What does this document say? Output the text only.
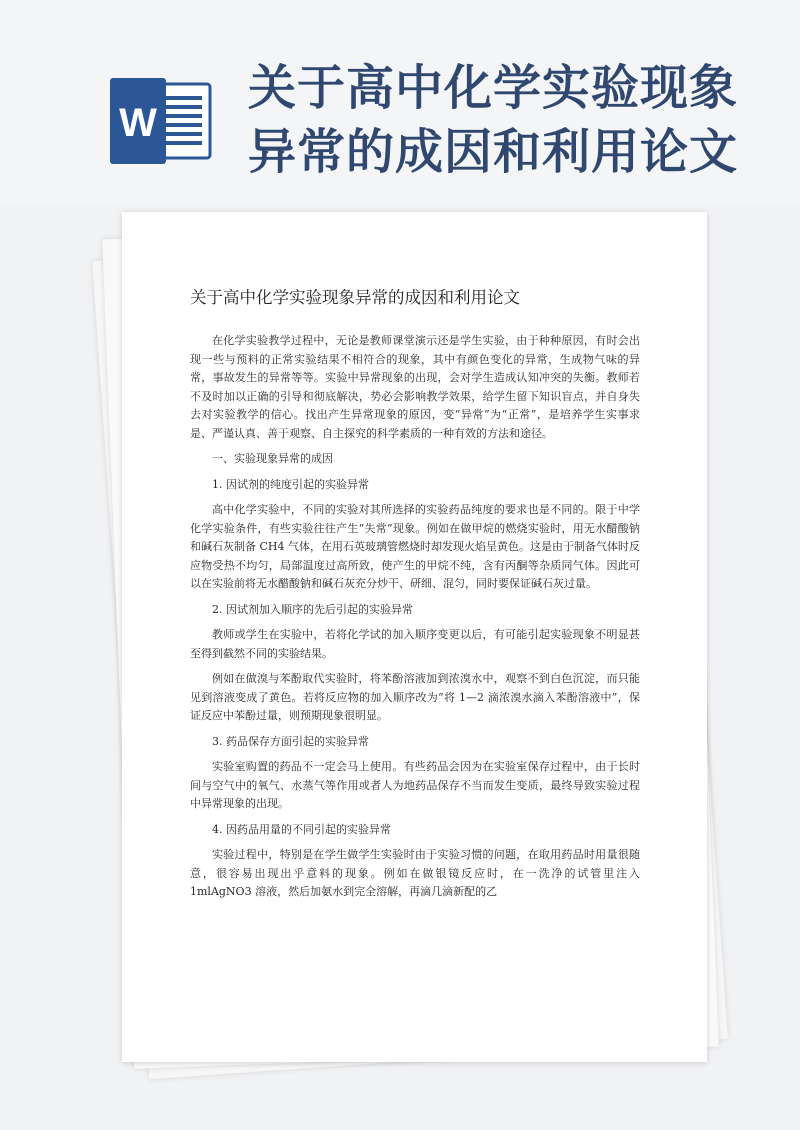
W
关于高中化学实验现象
异常的成因和利用论文
关于高中化学实验现象异常的成因和利用论文

在化学实验教学过程中，无论是教师课堂演示还是学生实验，由于种种原因，有时会出现一些与预料的正常实验结果不相符合的现象，其中有颜色变化的异常，生成物气味的异常，事故发生的异常等等。实验中异常现象的出现，会对学生造成认知冲突的失衡。教师若不及时加以正确的引导和彻底解决，势必会影响教学效果，给学生留下知识盲点，并自身失去对实验教学的信心。找出产生异常现象的原因，变“异常”为“正常”，是培养学生实事求是、严谨认真、善于观察、自主探究的科学素质的一种有效的方法和途径。

一、实验现象异常的成因

1. 因试剂的纯度引起的实验异常

高中化学实验中，不同的实验对其所选择的实验药品纯度的要求也是不同的。限于中学化学实验条件，有些实验往往产生“失常”现象。例如在做甲烷的燃烧实验时，用无水醋酸钠和碱石灰制备 CH4 气体，在用石英玻璃管燃烧时却发现火焰呈黄色。这是由于制备气体时反应物受热不均匀，局部温度过高所致，使产生的甲烷不纯，含有丙酮等杂质同气体。因此可以在实验前将无水醋酸钠和碱石灰充分炒干、研细、混匀，同时要保证碱石灰过量。

2. 因试剂加入顺序的先后引起的实验异常

教师或学生在实验中，若将化学试的加入顺序变更以后，有可能引起实验现象不明显甚至得到截然不同的实验结果。

例如在做溴与苯酚取代实验时，将苯酚溶液加到浓溴水中，观察不到白色沉淀，而只能见到溶液变成了黄色。若将反应物的加入顺序改为“将 1—2 滴浓溴水滴入苯酚溶液中”，保证反应中苯酚过量，则预期现象很明显。

3. 药品保存方面引起的实验异常

实验室购置的药品不一定会马上使用。有些药品会因为在实验室保存过程中，由于长时间与空气中的氧气、水蒸气等作用或者人为地药品保存不当而发生变质，最终导致实验过程中异常现象的出现。

4. 因药品用量的不同引起的实验异常

实验过程中，特别是在学生做学生实验时由于实验习惯的问题，在取用药品时用量很随意，很容易出现出乎意料的现象。例如在做银镜反应时，在一洗净的试管里注入 1mlAgNO3 溶液，然后加氨水到完全溶解，再滴几滴新配的乙
